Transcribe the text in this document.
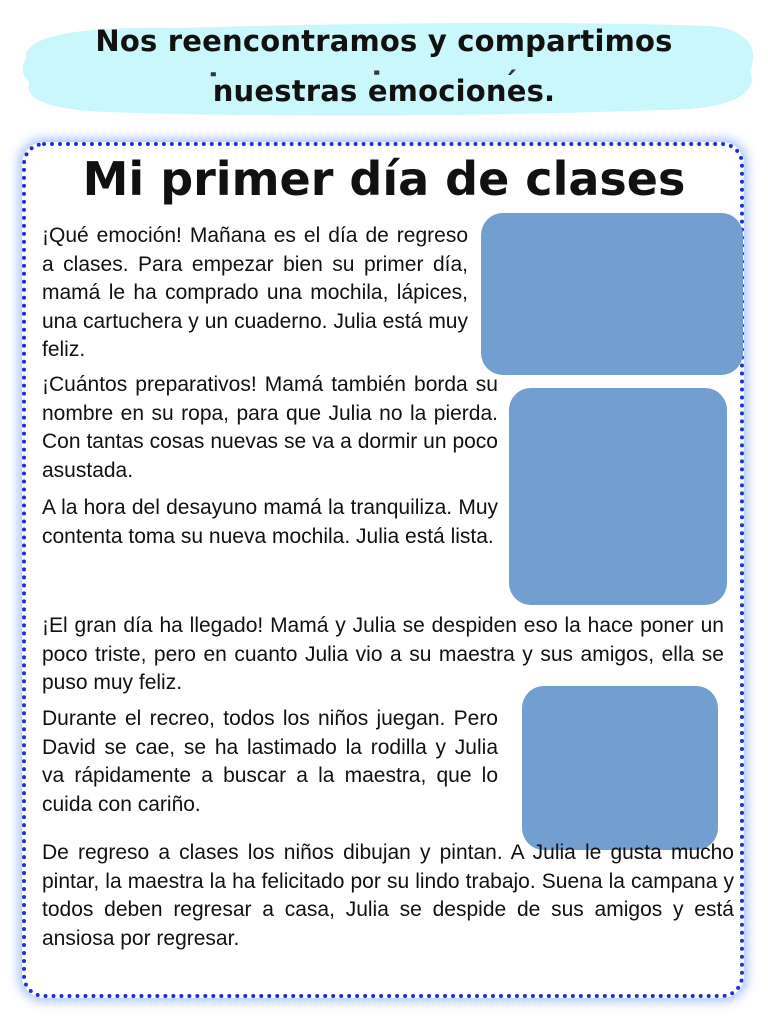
Nos reencontramos y compartimos
nuestras emociones.
Mi primer día de clases

¡Qué emoción! Mañana es el día de regreso a clases. Para empezar bien su primer día, mamá le ha comprado una mochila, lápices, una cartuchera y un cuaderno. Julia está muy feliz.

¡Cuántos preparativos! Mamá también borda su nombre en su ropa, para que Julia no la pierda. Con tantas cosas nuevas se va a dormir un poco asustada.

A la hora del desayuno mamá la tranquiliza. Muy contenta toma su nueva mochila. Julia está lista.

¡El gran día ha llegado! Mamá y Julia se despiden eso la hace poner un poco triste, pero en cuanto Julia vio a su maestra y sus amigos, ella se puso muy feliz.

Durante el recreo, todos los niños juegan. Pero David se cae, se ha lastimado la rodilla y Julia va rápidamente a buscar a la maestra, que lo cuida con cariño.

De regreso a clases los niños dibujan y pintan. A Julia le gusta mucho pintar, la maestra la ha felicitado por su lindo trabajo. Suena la campana y todos deben regresar a casa, Julia se despide de sus amigos y está ansiosa por regresar.
